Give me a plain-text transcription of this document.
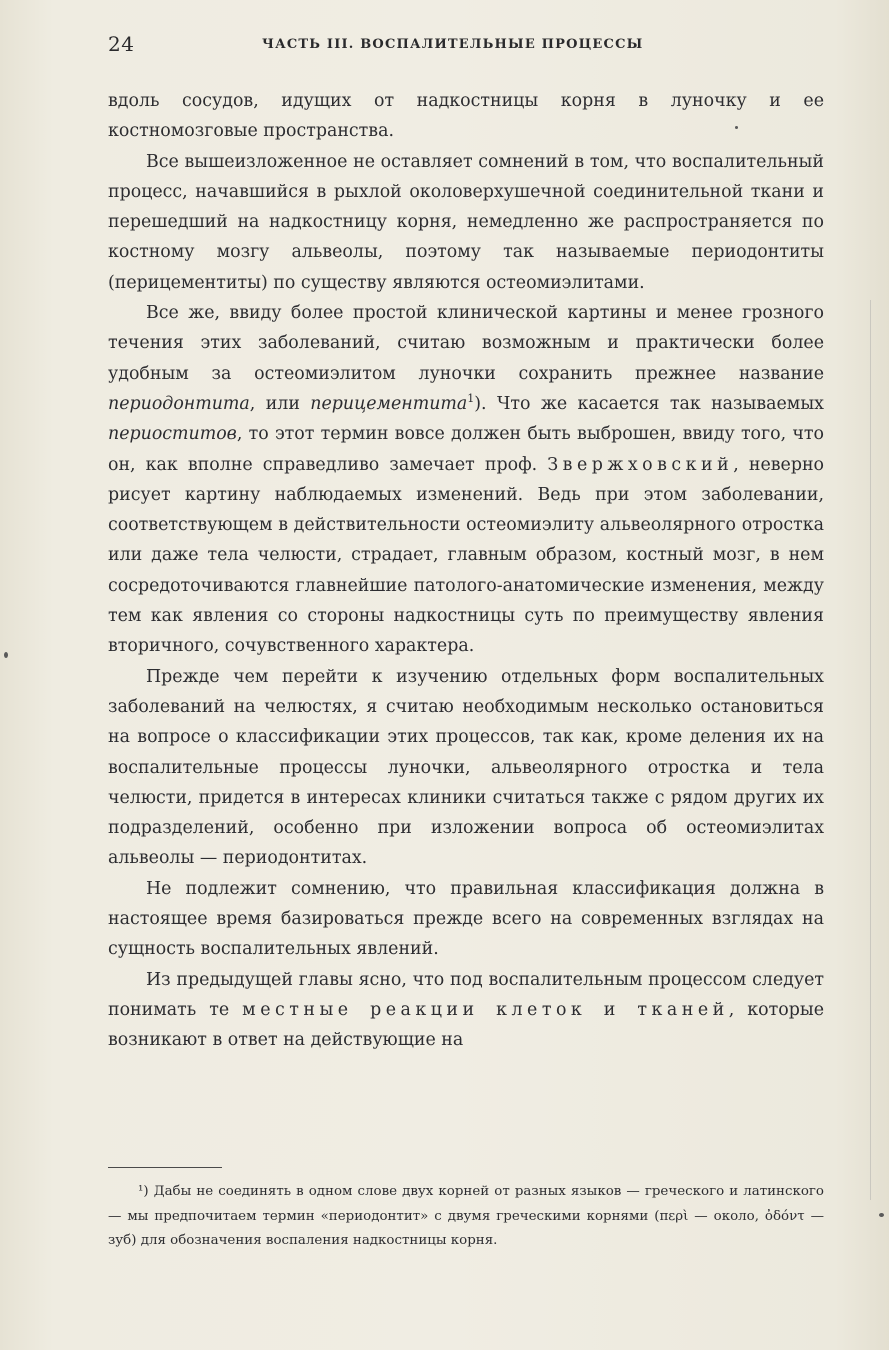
24	ЧАСТЬ III. ВОСПАЛИТЕЛЬНЫЕ ПРОЦЕССЫ

вдоль сосудов, идущих от надкостницы корня в луночку и ее костномозговые пространства.

Все вышеизложенное не оставляет сомнений в том, что воспалительный процесс, начавшийся в рыхлой околоверхушечной соединительной ткани и перешедший на надкостницу корня, немедленно же распространяется по костному мозгу альвеолы, поэтому так называемые периодонтиты (перицементиты) по существу являются остеомиэлитами.

Все же, ввиду более простой клинической картины и менее грозного течения этих заболеваний, считаю возможным и практически более удобным за остеомиэлитом луночки сохранить прежнее название периодонтита, или перицементита$^1$). Что же касается так называемых периоститов, то этот термин вовсе должен быть выброшен, ввиду того, что он, как вполне справедливо замечает проф. Звержховский, неверно рисует картину наблюдаемых изменений. Ведь при этом заболевании, соответствующем в действительности остеомиэлиту альвеолярного отростка или даже тела челюсти, страдает, главным образом, костный мозг, в нем сосредоточиваются главнейшие патолого-анатомические изменения, между тем как явления со стороны надкостницы суть по преимуществу явления вторичного, сочувственного характера.

Прежде чем перейти к изучению отдельных форм воспалительных заболеваний на челюстях, я считаю необходимым несколько остановиться на вопросе о классификации этих процессов, так как, кроме деления их на воспалительные процессы луночки, альвеолярного отростка и тела челюсти, придется в интересах клиники считаться также с рядом других их подразделений, особенно при изложении вопроса об остеомиэлитах альвеолы — периодонтитах.

Не подлежит сомнению, что правильная классификация должна в настоящее время базироваться прежде всего на современных взглядах на сущность воспалительных явлений.

Из предыдущей главы ясно, что под воспалительным процессом следует понимать те местные реакции клеток и тканей, которые возникают в ответ на действующие на

¹) Дабы не соединять в одном слове двух корней от разных языков — греческого и латинского — мы предпочитаем термин «периодонтит» с двумя греческими корнями (περὶ — около, ὀδόντ — зуб) для обозначения воспаления надкостницы корня.
